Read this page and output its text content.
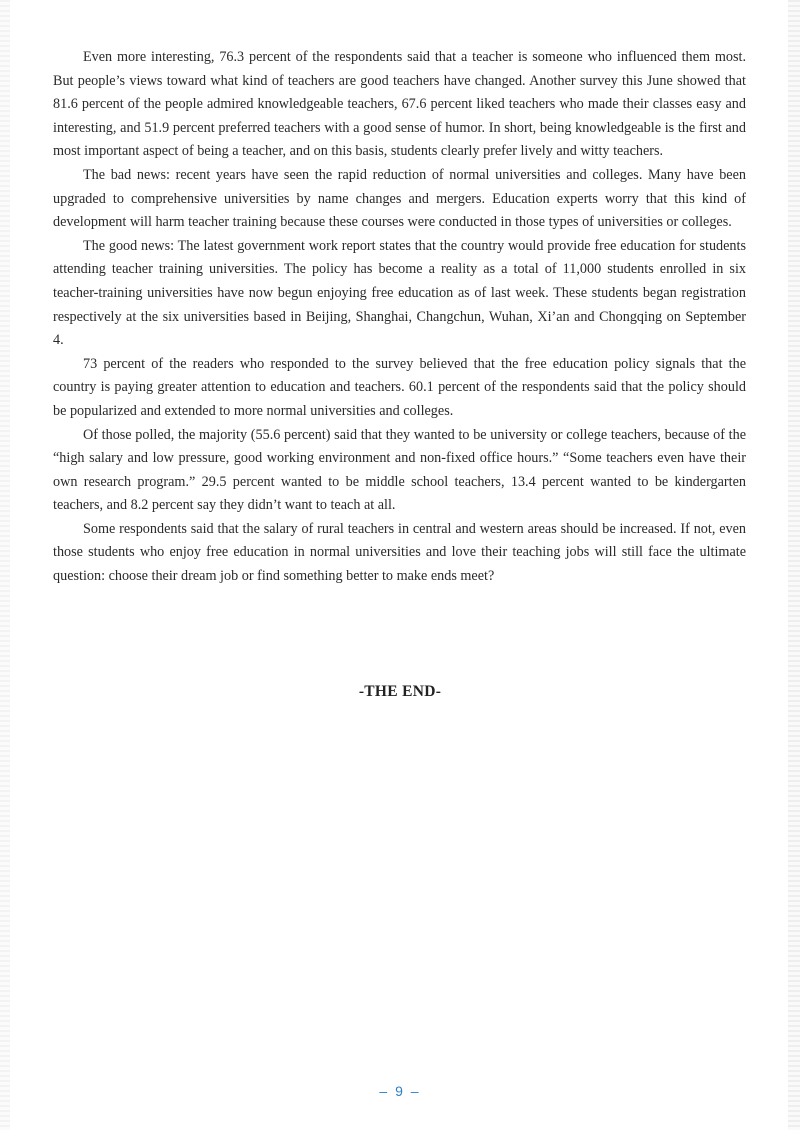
Even more interesting, 76.3 percent of the respondents said that a teacher is someone who influenced them most. But people’s views toward what kind of teachers are good teachers have changed. Another survey this June showed that 81.6 percent of the people admired knowledgeable teachers, 67.6 percent liked teachers who made their classes easy and interesting, and 51.9 percent preferred teachers with a good sense of humor. In short, being knowledgeable is the first and most important aspect of being a teacher, and on this basis, students clearly prefer lively and witty teachers.

The bad news: recent years have seen the rapid reduction of normal universities and colleges. Many have been upgraded to comprehensive universities by name changes and mergers. Education experts worry that this kind of development will harm teacher training because these courses were conducted in those types of universities or colleges.

The good news: The latest government work report states that the country would provide free education for students attending teacher training universities. The policy has become a reality as a total of 11,000 students enrolled in six teacher-training universities have now begun enjoying free education as of last week. These students began registration respectively at the six universities based in Beijing, Shanghai, Changchun, Wuhan, Xi’an and Chongqing on September 4.

73 percent of the readers who responded to the survey believed that the free education policy signals that the country is paying greater attention to education and teachers. 60.1 percent of the respondents said that the policy should be popularized and extended to more normal universities and colleges.

Of those polled, the majority (55.6 percent) said that they wanted to be university or college teachers, because of the “high salary and low pressure, good working environment and non-fixed office hours.” “Some teachers even have their own research program.” 29.5 percent wanted to be middle school teachers, 13.4 percent wanted to be kindergarten teachers, and 8.2 percent say they didn’t want to teach at all.

Some respondents said that the salary of rural teachers in central and western areas should be increased. If not, even those students who enjoy free education in normal universities and love their teaching jobs will still face the ultimate question: choose their dream job or find something better to make ends meet?

-THE END-
– 9 –
